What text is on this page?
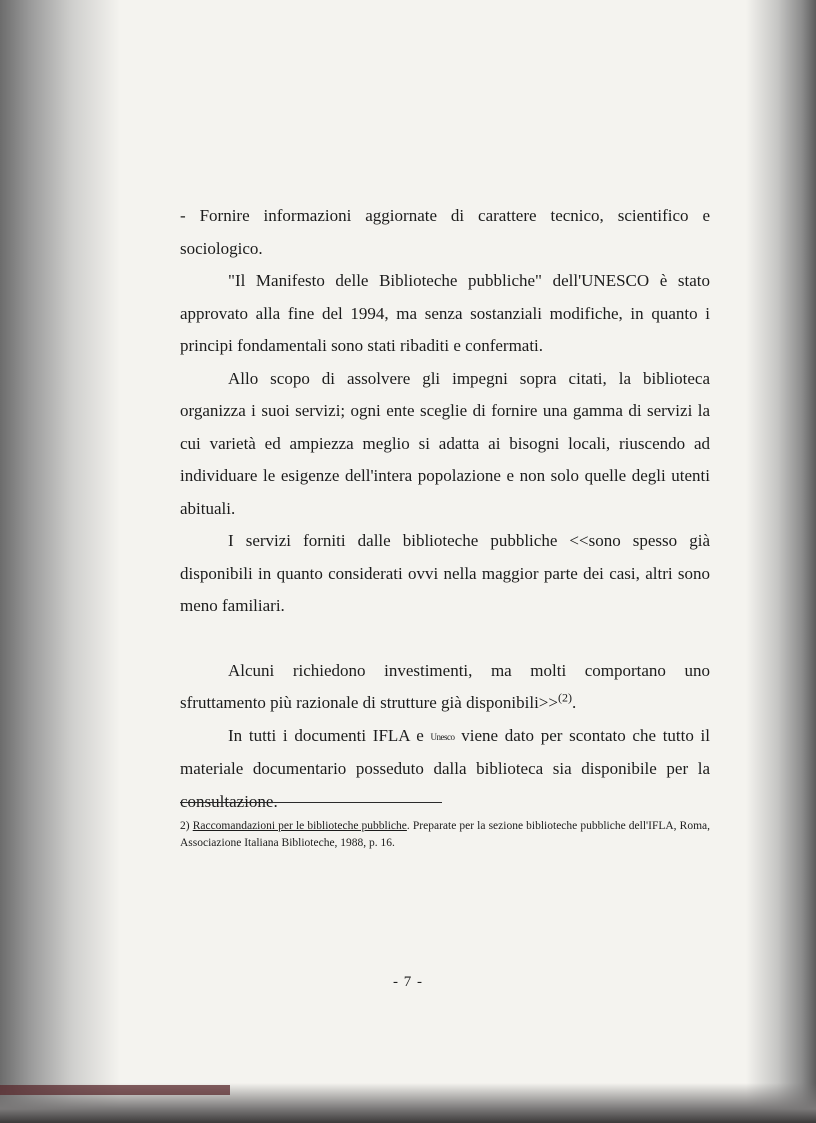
- Fornire informazioni aggiornate di carattere tecnico, scientifico e sociologico.

"Il Manifesto delle Biblioteche pubbliche" dell'UNESCO è stato approvato alla fine del 1994, ma senza sostanziali modifiche, in quanto i principi fondamentali sono stati ribaditi e confermati.

Allo scopo di assolvere gli impegni sopra citati, la biblioteca organizza i suoi servizi; ogni ente sceglie di fornire una gamma di servizi la cui varietà ed ampiezza meglio si adatta ai bisogni locali, riuscendo ad individuare le esigenze dell'intera popolazione e non solo quelle degli utenti abituali.

I servizi forniti dalle biblioteche pubbliche <<sono spesso già disponibili in quanto considerati ovvi nella maggior parte dei casi, altri sono meno familiari.

Alcuni richiedono investimenti, ma molti comportano uno sfruttamento più razionale di strutture già disponibili>>$^{(2)}$.

In tutti i documenti IFLA e Unesco viene dato per scontato che tutto il materiale documentario posseduto dalla biblioteca sia disponibile per la consultazione.

2) Raccomandazioni per le biblioteche pubbliche. Preparate per la sezione biblioteche pubbliche dell'IFLA, Roma, Associazione Italiana Biblioteche, 1988, p. 16.
- 7 -
